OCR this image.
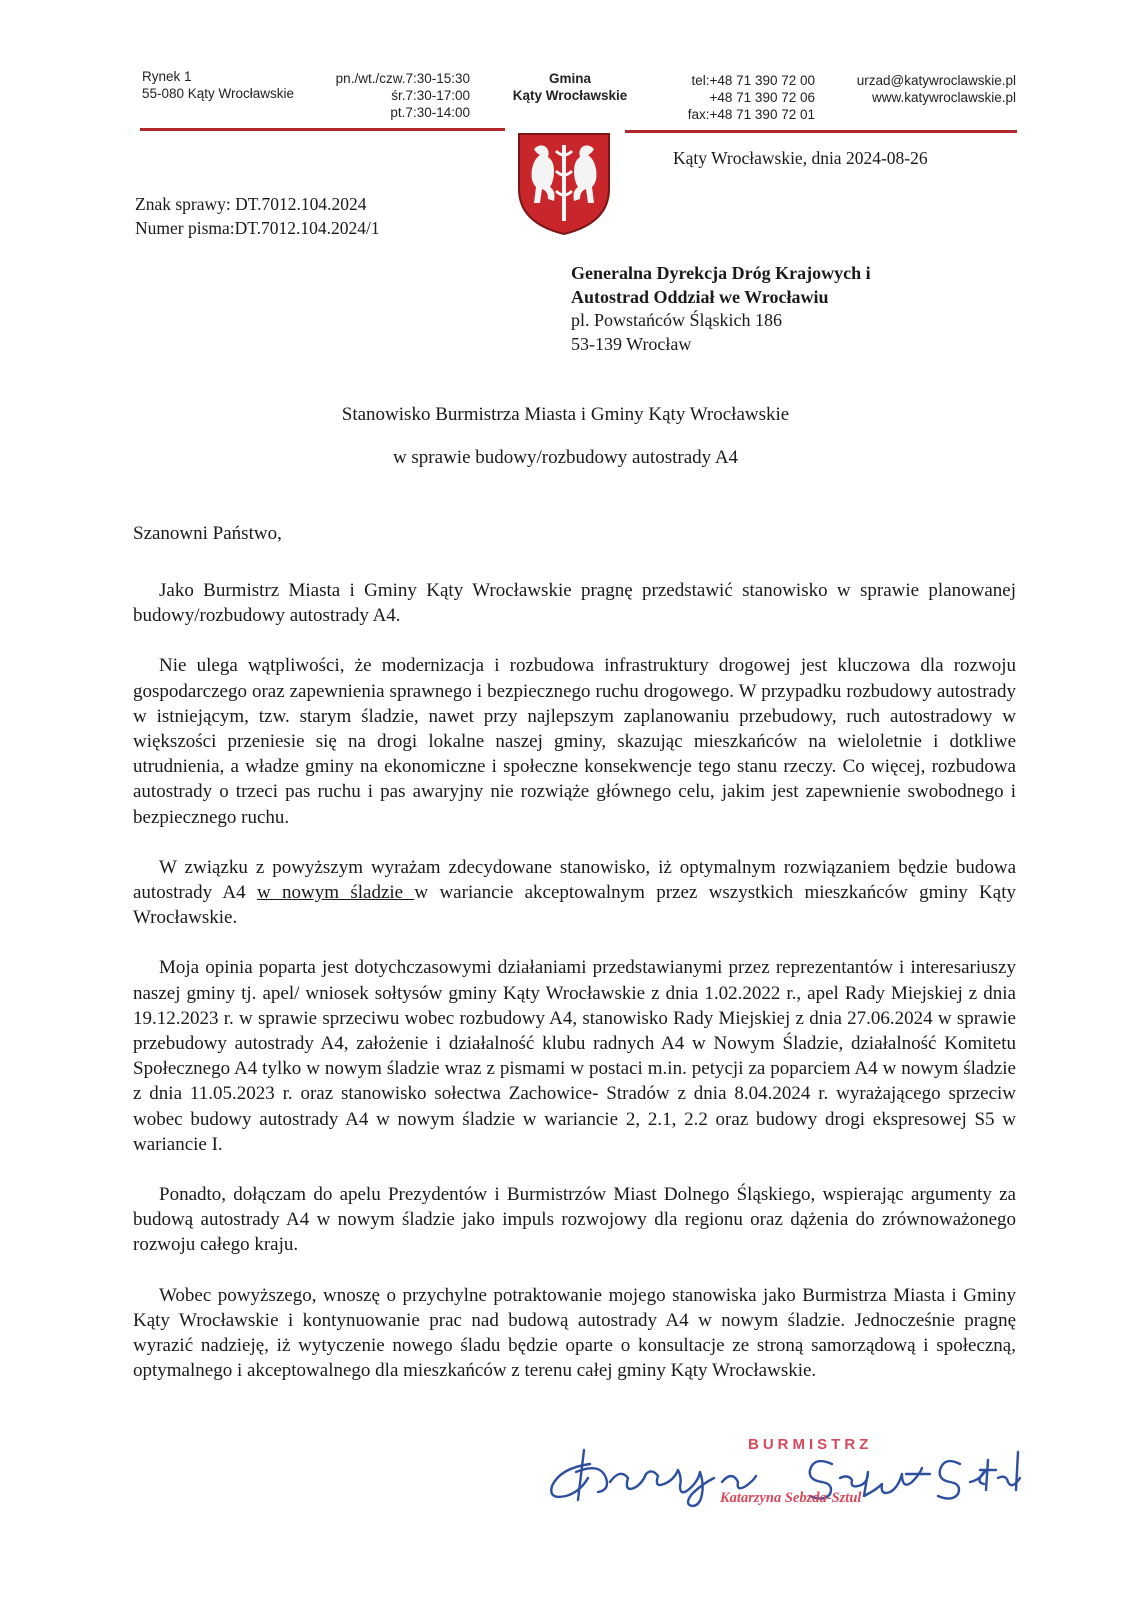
Rynek 1
55-080 Kąty Wrocławskie
pn./wt./czw.7:30-15:30
śr.7:30-17:00
pt.7:30-14:00
Gmina
Kąty Wrocławskie
tel:+48 71 390 72 00
+48 71 390 72 06
fax:+48 71 390 72 01
urzad@katywroclawskie.pl
www.katywroclawskie.pl
Kąty Wrocławskie, dnia 2024-08-26
Znak sprawy: DT.7012.104.2024
Numer pisma:DT.7012.104.2024/1
Generalna Dyrekcja Dróg Krajowych i
Autostrad Oddział we Wrocławiu
pl. Powstańców Śląskich 186
53-139 Wrocław
Stanowisko Burmistrza Miasta i Gminy Kąty Wrocławskie
w sprawie budowy/rozbudowy autostrady A4
Szanowni Państwo,

Jako Burmistrz Miasta i Gminy Kąty Wrocławskie pragnę przedstawić stanowisko w sprawie planowanej budowy/rozbudowy autostrady A4.

Nie ulega wątpliwości, że modernizacja i rozbudowa infrastruktury drogowej jest kluczowa dla rozwoju gospodarczego oraz zapewnienia sprawnego i bezpiecznego ruchu drogowego. W przypadku rozbudowy autostrady w istniejącym, tzw. starym śladzie, nawet przy najlepszym zaplanowaniu przebudowy, ruch autostradowy w większości przeniesie się na drogi lokalne naszej gminy, skazując mieszkańców na wieloletnie i dotkliwe utrudnienia, a władze gminy na ekonomiczne i społeczne konsekwencje tego stanu rzeczy. Co więcej, rozbudowa autostrady o trzeci pas ruchu i pas awaryjny nie rozwiąże głównego celu, jakim jest zapewnienie swobodnego i bezpiecznego ruchu.

W związku z powyższym wyrażam zdecydowane stanowisko, iż optymalnym rozwiązaniem będzie budowa autostrady A4 w nowym śladzie w wariancie akceptowalnym przez wszystkich mieszkańców gminy Kąty Wrocławskie.

Moja opinia poparta jest dotychczasowymi działaniami przedstawianymi przez reprezentantów i interesariuszy naszej gminy tj. apel/ wniosek sołtysów gminy Kąty Wrocławskie z dnia 1.02.2022 r., apel Rady Miejskiej z dnia 19.12.2023 r. w sprawie sprzeciwu wobec rozbudowy A4, stanowisko Rady Miejskiej z dnia 27.06.2024 w sprawie przebudowy autostrady A4, założenie i działalność klubu radnych A4 w Nowym Śladzie, działalność Komitetu Społecznego A4 tylko w nowym śladzie wraz z pismami w postaci m.in. petycji za poparciem A4 w nowym śladzie z dnia 11.05.2023 r. oraz stanowisko sołectwa Zachowice- Stradów z dnia 8.04.2024 r. wyrażającego sprzeciw wobec budowy autostrady A4 w nowym śladzie w wariancie 2, 2.1, 2.2 oraz budowy drogi ekspresowej S5 w wariancie I.

Ponadto, dołączam do apelu Prezydentów i Burmistrzów Miast Dolnego Śląskiego, wspierając argumenty za budową autostrady A4 w nowym śladzie jako impuls rozwojowy dla regionu oraz dążenia do zrównoważonego rozwoju całego kraju.

Wobec powyższego, wnoszę o przychylne potraktowanie mojego stanowiska jako Burmistrza Miasta i Gminy Kąty Wrocławskie i kontynuowanie prac nad budową autostrady A4 w nowym śladzie. Jednocześnie pragnę wyrazić nadzieję, iż wytyczenie nowego śladu będzie oparte o konsultacje ze stroną samorządową i społeczną, optymalnego i akceptowalnego dla mieszkańców z terenu całej gminy Kąty Wrocławskie.

BURMISTRZ
Katarzyna Sebzda-Sztul
